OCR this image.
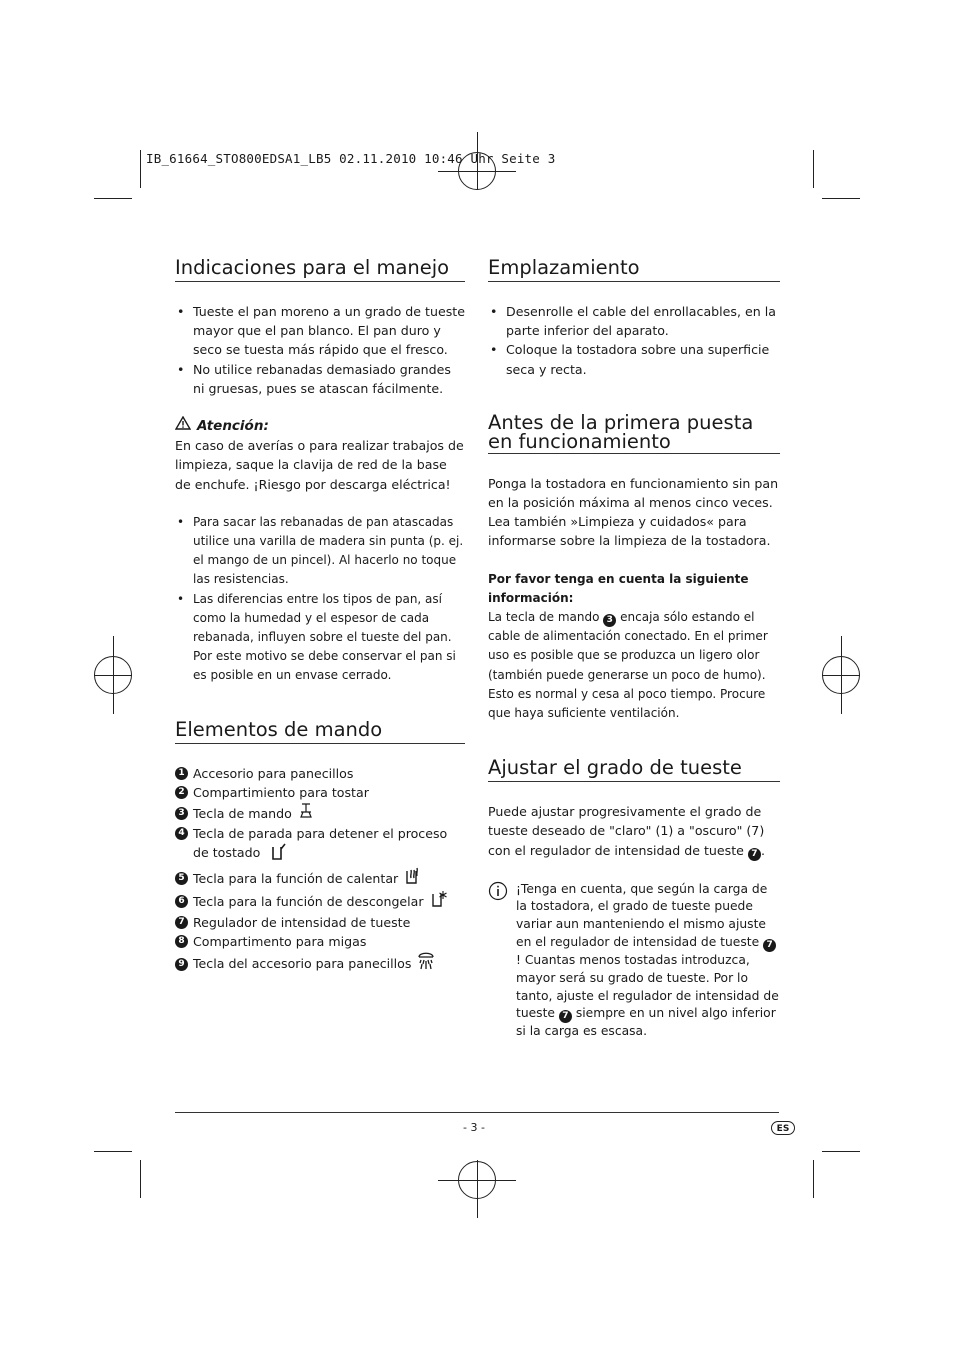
IB_61664_STO800EDSA1_LB5 02.11.2010 10:46 Uhr Seite 3
Indicaciones para el manejo
• Tueste el pan moreno a un grado de tueste mayor que el pan blanco. El pan duro y seco se tuesta más rápido que el fresco.
• No utilice rebanadas demasiado grandes ni gruesas, pues se atascan fácilmente.
Atención:

En caso de averías o para realizar trabajos de limpieza, saque la clavija de red de la base de enchufe. ¡Riesgo por descarga eléctrica!

• Para sacar las rebanadas de pan atascadas utilice una varilla de madera sin punta (p. ej. el mango de un pincel). Al hacerlo no toque las resistencias.
• Las diferencias entre los tipos de pan, así como la humedad y el espesor de cada rebanada, influyen sobre el tueste del pan. Por este motivo se debe conservar el pan si es posible en un envase cerrado.
Elementos de mando
1 Accesorio para panecillos
2 Compartimiento para tostar
3 Tecla de mando
4 Tecla de parada para detener el proceso de tostado
5 Tecla para la función de calentar
6 Tecla para la función de descongelar
7 Regulador de intensidad de tueste
8 Compartimento para migas
9 Tecla del accesorio para panecillos
Emplazamiento
• Desenrolle el cable del enrollacables, en la parte inferior del aparato.
• Coloque la tostadora sobre una superficie seca y recta.
Antes de la primera puesta en funcionamiento

Ponga la tostadora en funcionamiento sin pan en la posición máxima al menos cinco veces. Lea también »Limpieza y cuidados« para informarse sobre la limpieza de la tostadora.

Por favor tenga en cuenta la siguiente información:

La tecla de mando 3 encaja sólo estando el cable de alimentación conectado. En el primer uso es posible que se produzca un ligero olor (también puede generarse un poco de humo). Esto es normal y cesa al poco tiempo. Procure que haya suficiente ventilación.

Ajustar el grado de tueste

Puede ajustar progresivamente el grado de tueste deseado de "claro" (1) a "oscuro" (7) con el regulador de intensidad de tueste 7 .

¡Tenga en cuenta, que según la carga de la tostadora, el grado de tueste puede variar aun manteniendo el mismo ajuste en el regulador de intensidad de tueste 7! Cuantas menos tostadas introduzca, mayor será su grado de tueste. Por lo tanto, ajuste el regulador de intensidad de tueste 7 siempre en un nivel algo inferior si la carga es escasa.

- 3 -	ES
